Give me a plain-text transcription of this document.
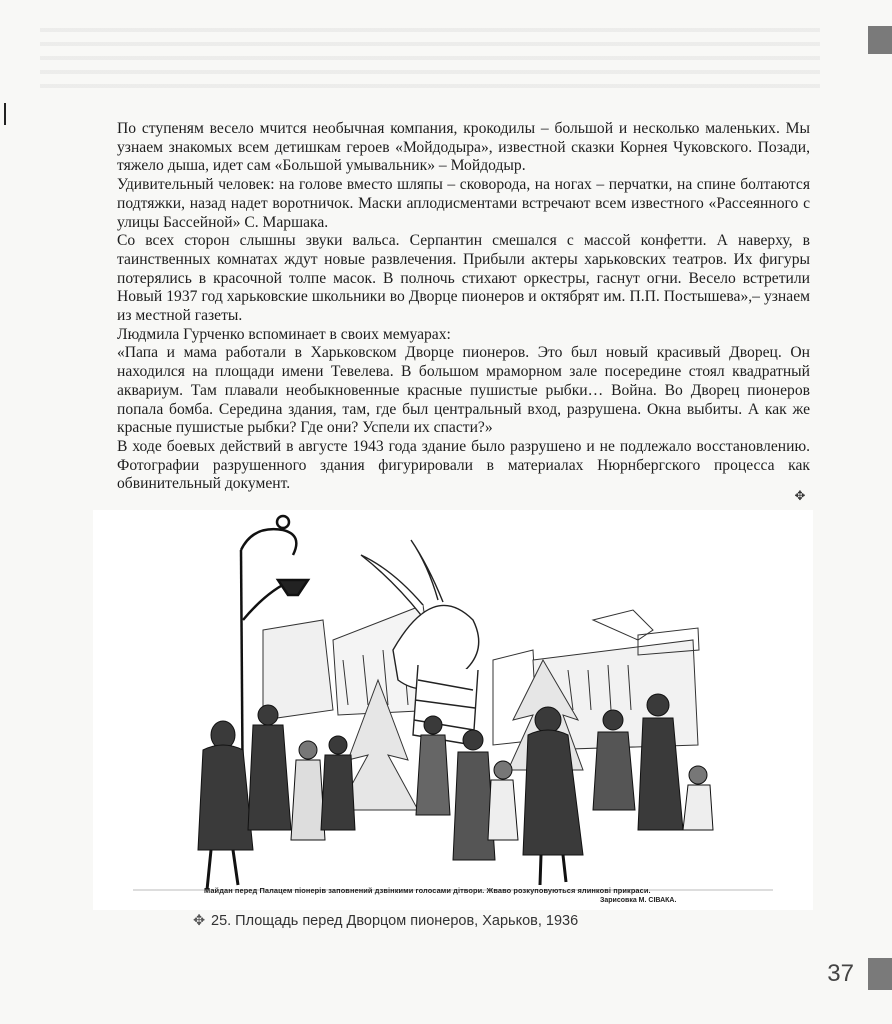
По ступеням весело мчится необычная компания, крокодилы – большой и несколько маленьких. Мы узнаем знакомых всем детишкам героев «Мойдодыра», известной сказки Корнея Чуковского. Позади, тяжело дыша, идет сам «Большой умывальник» – Мойдодыр.

Удивительный человек: на голове вместо шляпы – сковорода, на ногах – перчатки, на спине болтаются подтяжки, назад надет воротничок. Маски аплодисментами встречают всем известного «Рассеянного с улицы Бассейной» С. Маршака.

Со всех сторон слышны звуки вальса. Серпантин смешался с массой конфетти. А наверху, в таинственных комнатах ждут новые развлечения. Прибыли актеры харьковских театров. Их фигуры потерялись в красочной толпе масок. В полночь стихают оркестры, гаснут огни. Весело встретили Новый 1937 год харьковские школьники во Дворце пионеров и октябрят им. П.П. Постышева»,– узнаем из местной газеты.

Людмила Гурченко вспоминает в своих мемуарах:

«Папа и мама работали в Харьковском Дворце пионеров. Это был новый красивый Дворец. Он находился на площади имени Тевелева. В большом мраморном зале посередине стоял квадратный аквариум. Там плавали необыкновенные красные пушистые рыбки… Война. Во Дворец пионеров попала бомба. Середина здания, там, где был центральный вход, разрушена. Окна выбиты. А как же красные пушистые рыбки? Где они? Успели их спасти?»

В ходе боевых действий в августе 1943 года здание было разрушено и не подлежало восстановлению. Фотографии разрушенного здания фигурировали в материалах Нюрнбергского процесса как обвинительный документ.

✥
Майдан перед Палацем піонерів заповнений дзвінкими голосами дітвори. Жваво розкуповуються ялинкові прикраси.
Зарисовка М. СІВАКА.
✥ 25. Площадь перед Дворцом пионеров, Харьков, 1936
37
